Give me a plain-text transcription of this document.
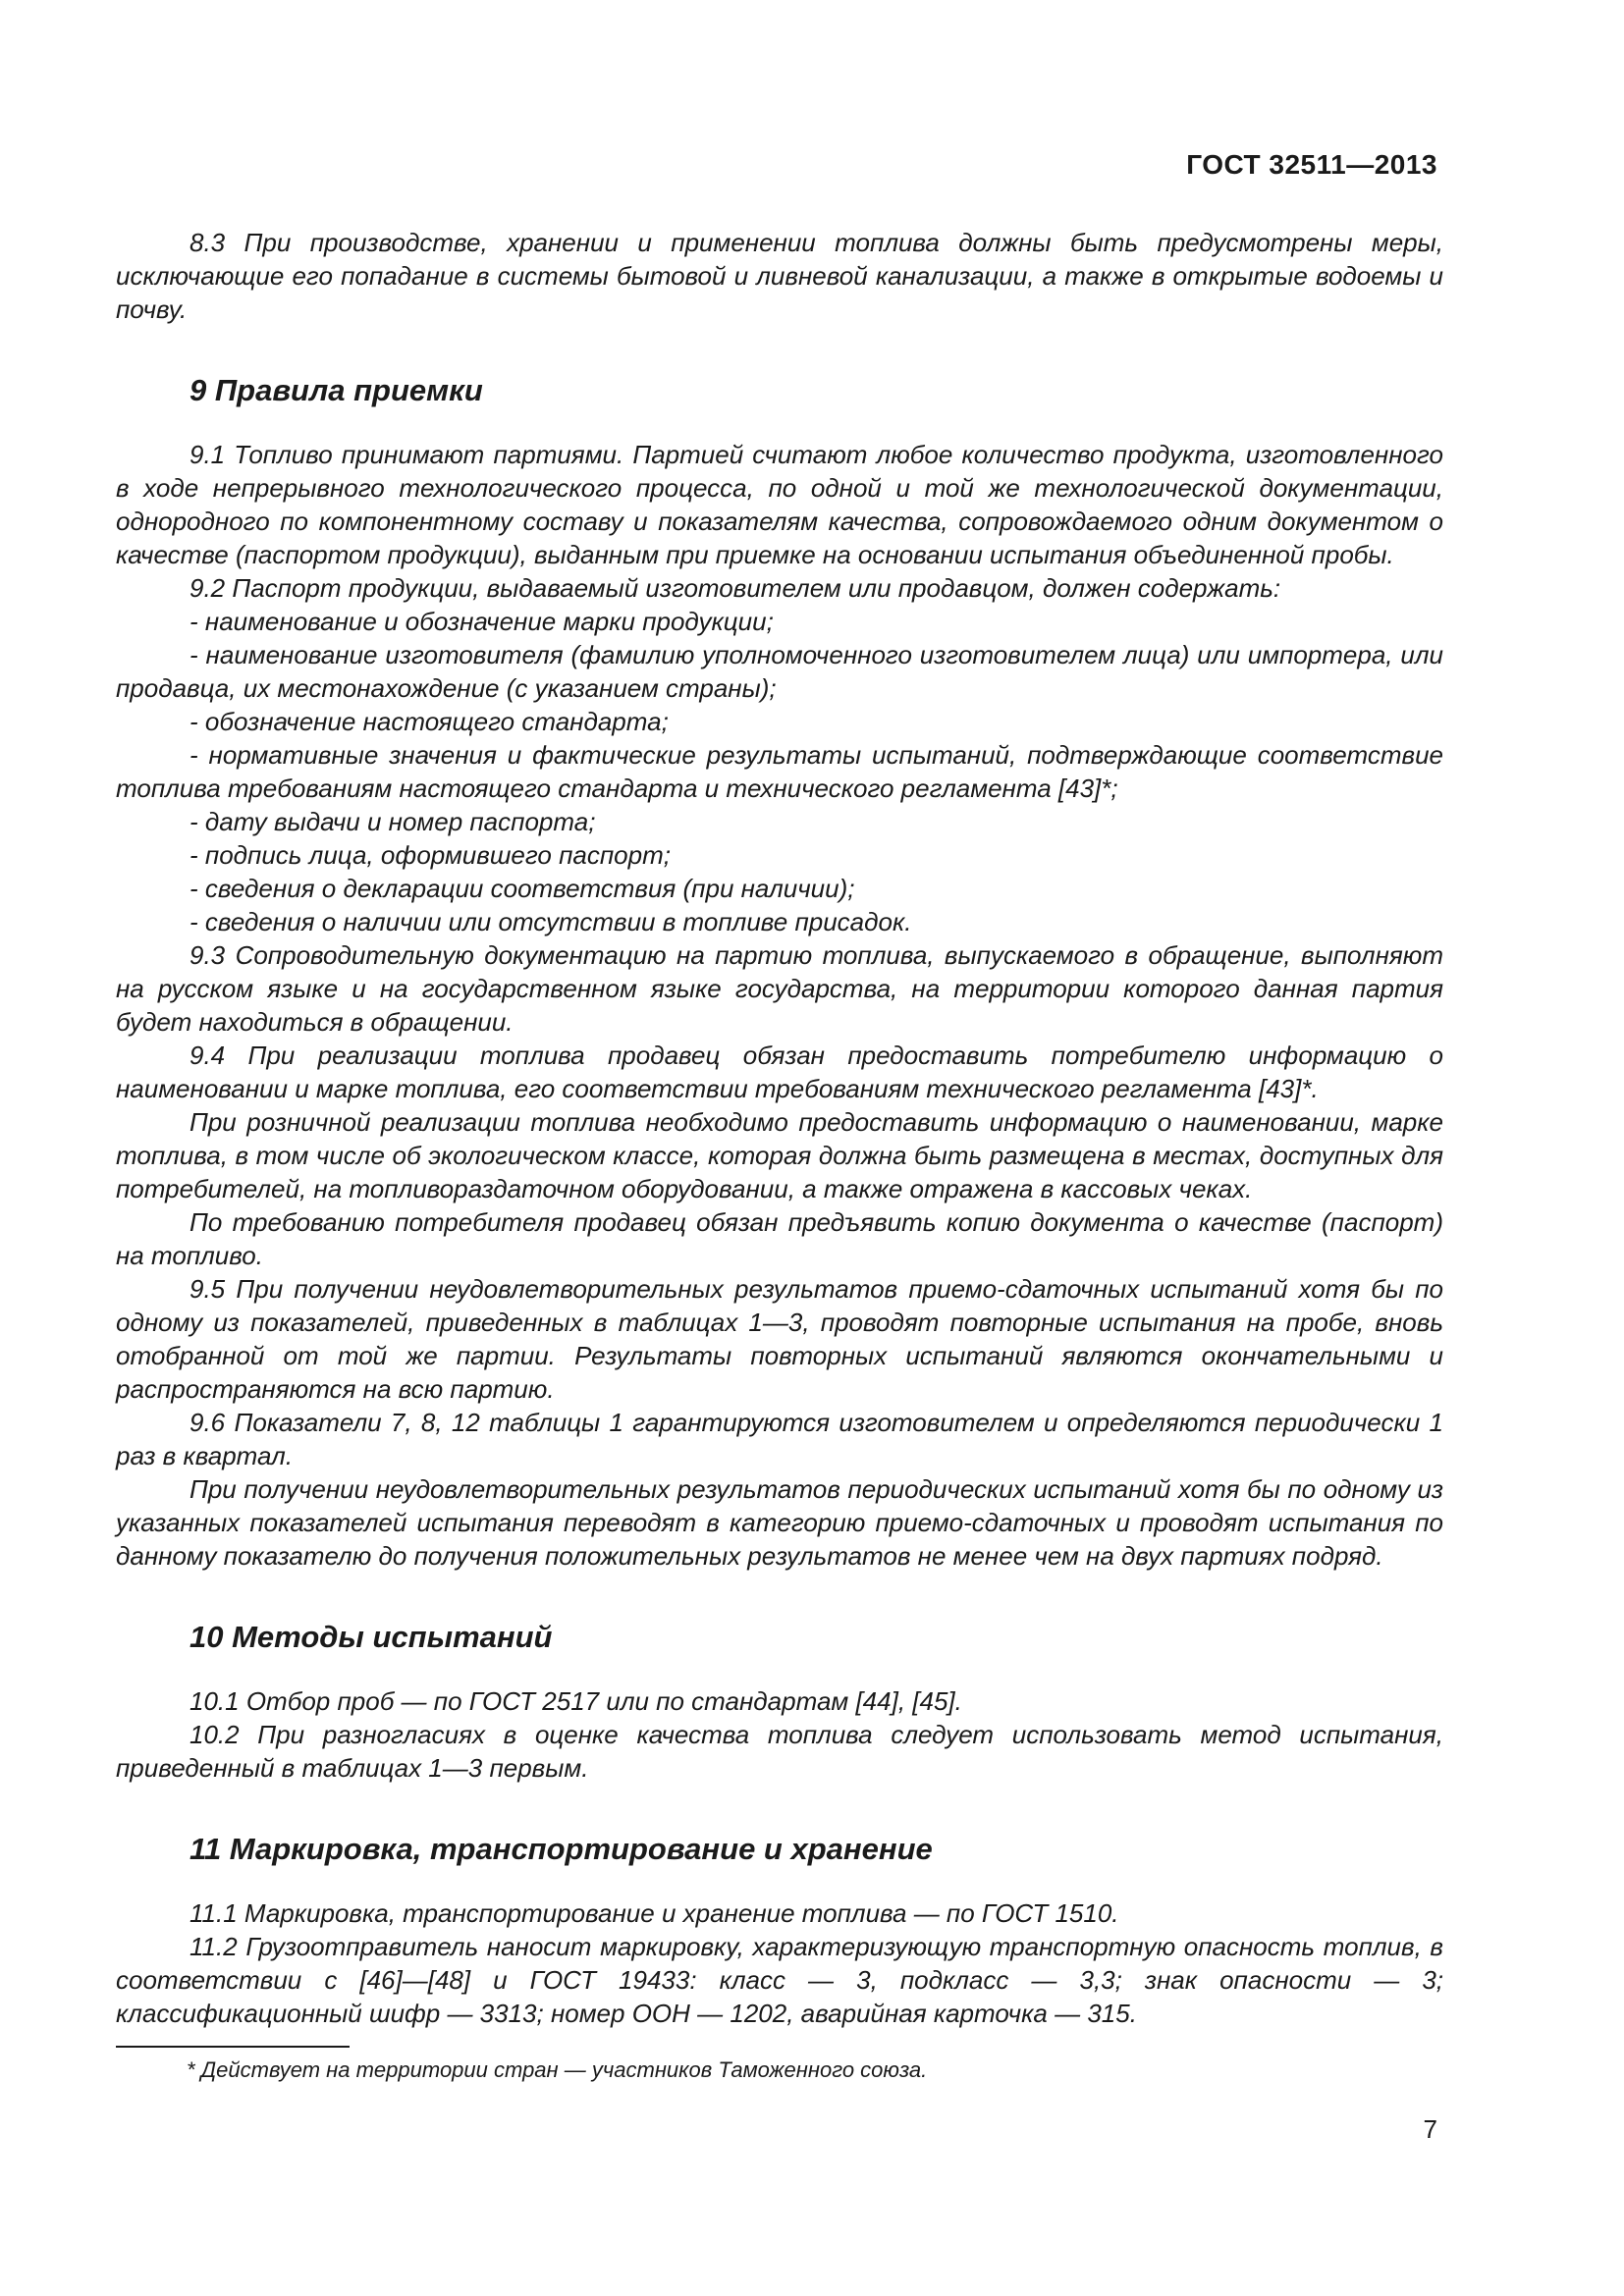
ГОСТ 32511—2013

8.3 При производстве, хранении и применении топлива должны быть предусмотрены меры, исключающие его попадание в системы бытовой и ливневой канализации, а также в открытые водоемы и почву.

9 Правила приемки

9.1 Топливо принимают партиями. Партией считают любое количество продукта, изготовленного в ходе непрерывного технологического процесса, по одной и той же технологической документации, однородного по компонентному составу и показателям качества, сопровождаемого одним документом о качестве (паспортом продукции), выданным при приемке на основании испытания объединенной пробы.

9.2 Паспорт продукции, выдаваемый изготовителем или продавцом, должен содержать:

- наименование и обозначение марки продукции;

- наименование изготовителя (фамилию уполномоченного изготовителем лица) или импортера, или продавца, их местонахождение (с указанием страны);

- обозначение настоящего стандарта;

- нормативные значения и фактические результаты испытаний, подтверждающие соответствие топлива требованиям настоящего стандарта и технического регламента [43]*;

- дату выдачи и номер паспорта;

- подпись лица, оформившего паспорт;

- сведения о декларации соответствия (при наличии);

- сведения о наличии или отсутствии в топливе присадок.

9.3 Сопроводительную документацию на партию топлива, выпускаемого в обращение, выполняют на русском языке и на государственном языке государства, на территории которого данная партия будет находиться в обращении.

9.4 При реализации топлива продавец обязан предоставить потребителю информацию о наименовании и марке топлива, его соответствии требованиям технического регламента [43]*.

При розничной реализации топлива необходимо предоставить информацию о наименовании, марке топлива, в том числе об экологическом классе, которая должна быть размещена в местах, доступных для потребителей, на топливораздаточном оборудовании, а также отражена в кассовых чеках.

По требованию потребителя продавец обязан предъявить копию документа о качестве (паспорт) на топливо.

9.5 При получении неудовлетворительных результатов приемо-сдаточных испытаний хотя бы по одному из показателей, приведенных в таблицах 1—3, проводят повторные испытания на пробе, вновь отобранной от той же партии. Результаты повторных испытаний являются окончательными и распространяются на всю партию.

9.6 Показатели 7, 8, 12 таблицы 1 гарантируются изготовителем и определяются периодически 1 раз в квартал.

При получении неудовлетворительных результатов периодических испытаний хотя бы по одному из указанных показателей испытания переводят в категорию приемо-сдаточных и проводят испытания по данному показателю до получения положительных результатов не менее чем на двух партиях подряд.

10 Методы испытаний

10.1 Отбор проб — по ГОСТ 2517 или по стандартам [44], [45].

10.2 При разногласиях в оценке качества топлива следует использовать метод испытания, приведенный в таблицах 1—3 первым.

11 Маркировка, транспортирование и хранение

11.1 Маркировка, транспортирование и хранение топлива — по ГОСТ 1510.

11.2 Грузоотправитель наносит маркировку, характеризующую транспортную опасность топлив, в соответствии с [46]—[48] и ГОСТ 19433: класс — 3, подкласс — 3,3; знак опасности — 3; классификационный шифр — 3313; номер ООН — 1202, аварийная карточка — 315.

* Действует на территории стран — участников Таможенного союза.
7
